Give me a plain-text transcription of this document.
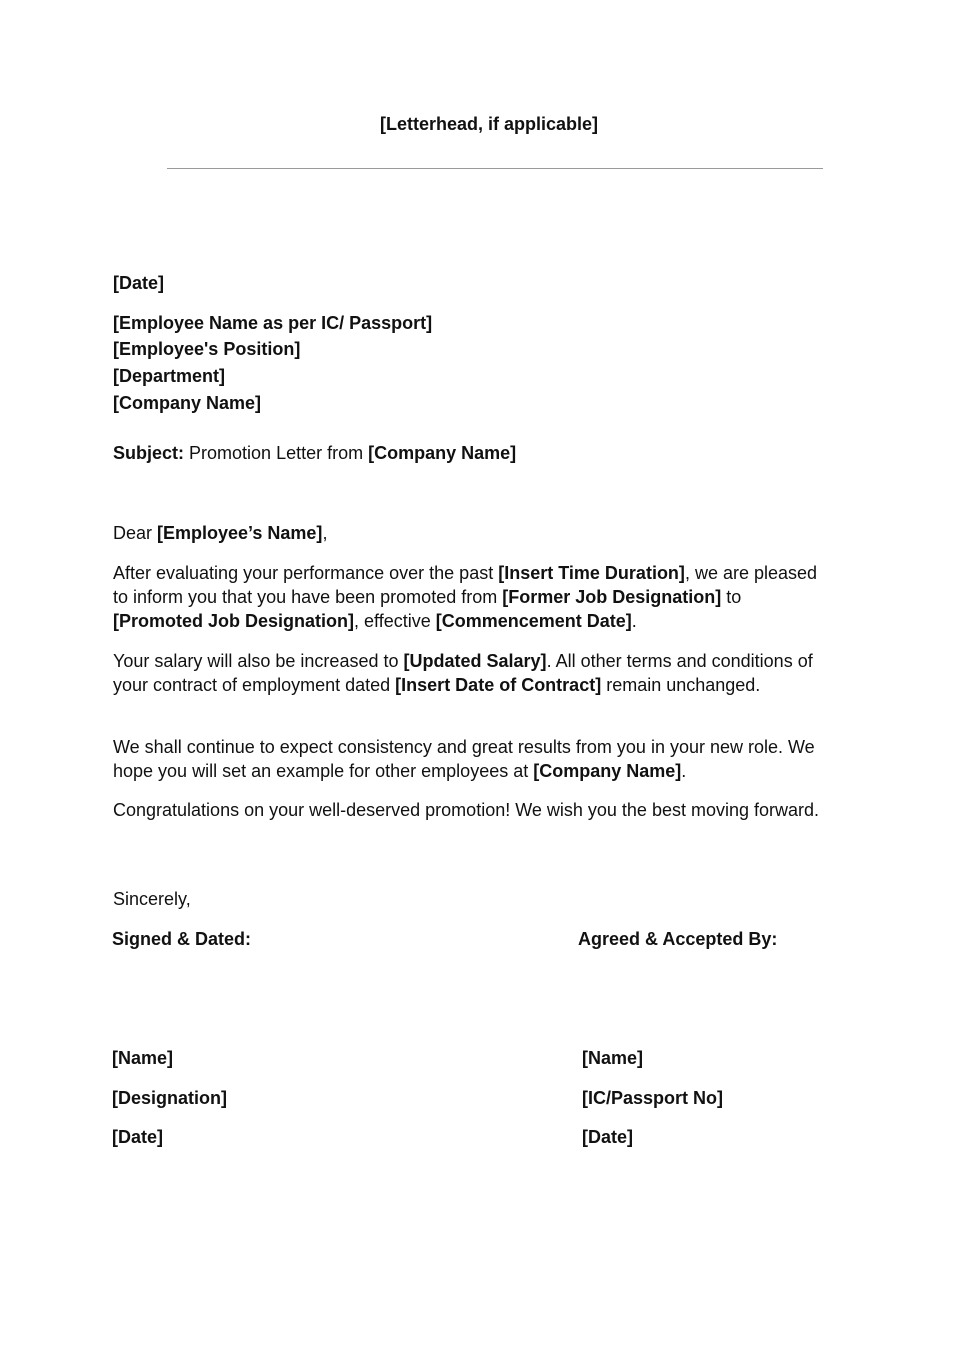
[Letterhead, if applicable]
[Date]
[Employee Name as per IC/ Passport]
[Employee's Position]
[Department]
[Company Name]
Subject: Promotion Letter from [Company Name]
Dear [Employee’s Name],
After evaluating your performance over the past [Insert Time Duration], we are pleased to inform you that you have been promoted from [Former Job Designation] to [Promoted Job Designation], effective [Commencement Date].
Your salary will also be increased to [Updated Salary]. All other terms and conditions of your contract of employment dated [Insert Date of Contract] remain unchanged.
We shall continue to expect consistency and great results from you in your new role. We hope you will set an example for other employees at [Company Name].
Congratulations on your well-deserved promotion! We wish you the best moving forward.
Sincerely,
Signed & Dated:	Agreed & Accepted By:
[Name]
[Designation]
[Date]
[Name]
[IC/Passport No]
[Date]
